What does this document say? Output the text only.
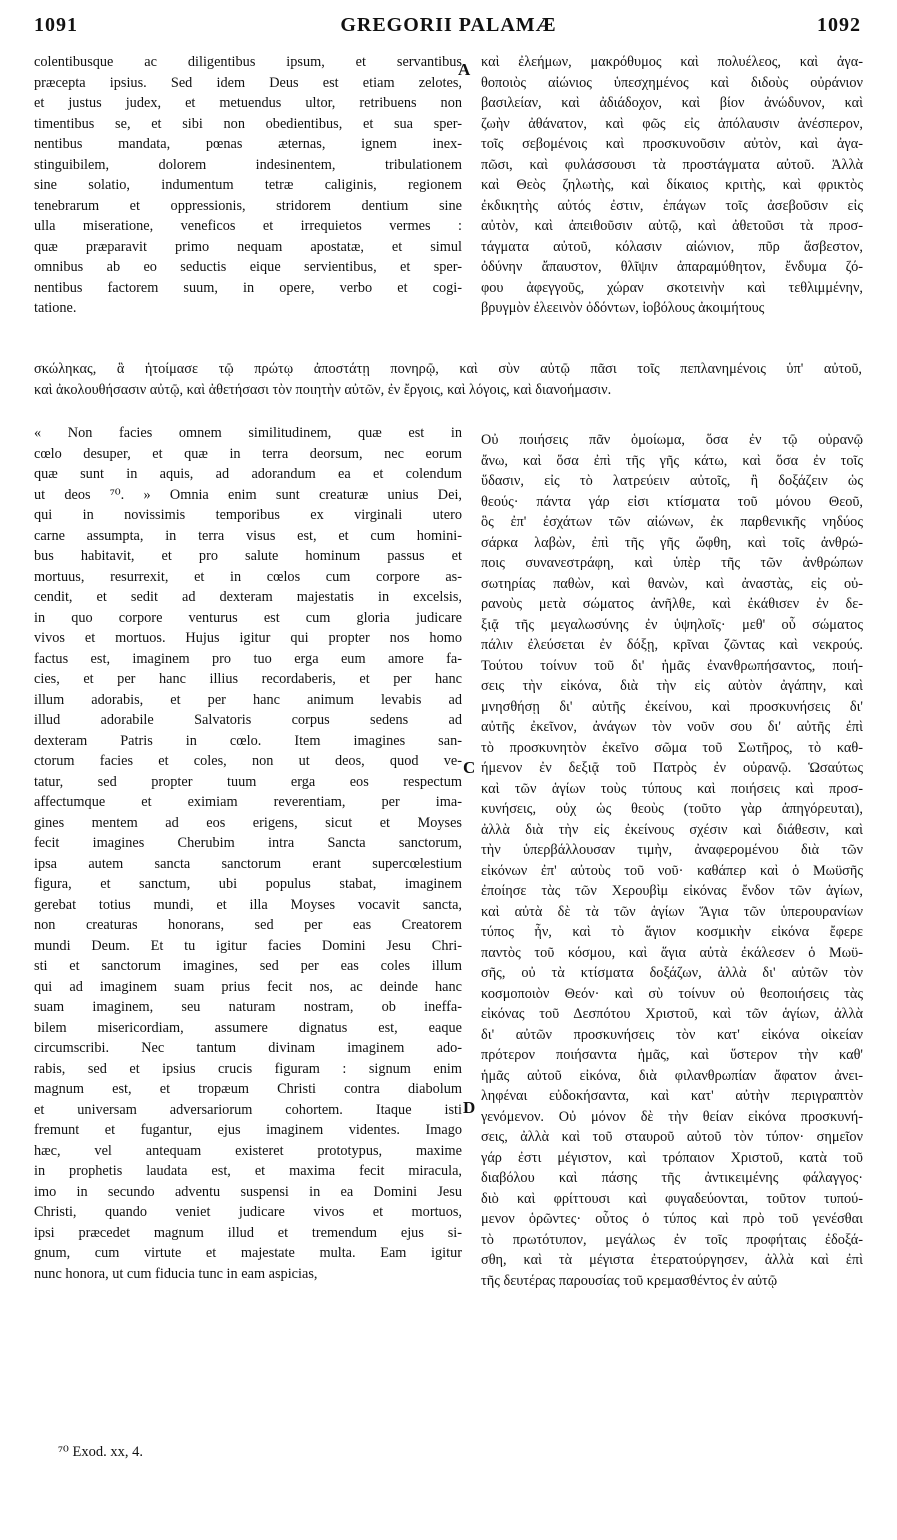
1091	GREGORII PALAMÆ	1092
A
C
D
colentibusque ac diligentibus ipsum, et servantibus
præcepta ipsius. Sed idem Deus est etiam zelotes,
et justus judex, et metuendus ultor, retribuens non
timentibus se, et sibi non obedientibus, et sua sper-
nentibus mandata, pœnas æternas, ignem inex-
stinguibilem, dolorem indesinentem, tribulationem
sine solatio, indumentum tetræ caliginis, regionem
tenebrarum et oppressionis, stridorem dentium sine
ulla miseratione, veneficos et irrequietos vermes :
quæ præparavit primo nequam apostatæ, et simul
omnibus ab eo seductis eique servientibus, et sper-
nentibus factorem suum, in opere, verbo et cogi-
tatione.
καὶ ἐλεήμων, μακρόθυμος καὶ πολυέλεος, καὶ ἀγα-
θοποιὸς αἰώνιος ὑπεσχημένος καὶ διδοὺς οὐράνιον
βασιλείαν, καὶ ἀδιάδοχον, καὶ βίον ἀνώδυνον, καὶ
ζωὴν ἀθάνατον, καὶ φῶς εἰς ἀπόλαυσιν ἀνέσπερον,
τοῖς σεβομένοις καὶ προσκυνοῦσιν αὐτὸν, καὶ ἀγα-
πῶσι, καὶ φυλάσσουσι τὰ προστάγματα αὐτοῦ. Ἀλλὰ
καὶ Θεὸς ζηλωτὴς, καὶ δίκαιος κριτὴς, καὶ φρικτὸς
ἐκδικητὴς αὐτός ἐστιν, ἐπάγων τοῖς ἀσεβοῦσιν εἰς
αὐτὸν, καὶ ἀπειθοῦσιν αὐτῷ, καὶ ἀθετοῦσι τὰ προσ-
τάγματα αὐτοῦ, κόλασιν αἰώνιον, πῦρ ἄσβεστον,
ὀδύνην ἄπαυστον, θλῖψιν ἀπαραμύθητον, ἔνδυμα ζό-
φου ἀφεγγοῦς, χώραν σκοτεινὴν καὶ τεθλιμμένην,
βρυγμὸν ἐλεεινὸν ὀδόντων, ἰοβόλους ἀκοιμήτους
σκώληκας, ἃ ἡτοίμασε τῷ πρώτῳ ἀποστάτῃ πονηρῷ, καὶ σὺν αὐτῷ πᾶσι τοῖς πεπλανημένοις ὑπ' αὐτοῦ,
καὶ ἀκολουθήσασιν αὐτῷ, καὶ ἀθετήσασι τὸν ποιητὴν αὐτῶν, ἐν ἔργοις, καὶ λόγοις, καὶ διανοήμασιν.
« Non facies omnem similitudinem, quæ est in
cœlo desuper, et quæ in terra deorsum, nec eorum
quæ sunt in aquis, ad adorandum ea et colendum
ut deos ⁷⁰. » Omnia enim sunt creaturæ unius Dei,
qui in novissimis temporibus ex virginali utero
carne assumpta, in terra visus est, et cum homini-
bus habitavit, et pro salute hominum passus et
mortuus, resurrexit, et in cœlos cum corpore as-
cendit, et sedit ad dexteram majestatis in excelsis,
in quo corpore venturus est cum gloria judicare
vivos et mortuos. Hujus igitur qui propter nos homo
factus est, imaginem pro tuo erga eum amore fa-
cies, et per hanc illius recordaberis, et per hanc
illum adorabis, et per hanc animum levabis ad
illud adorabile Salvatoris corpus sedens ad
dexteram Patris in cœlo. Item imagines san-
ctorum facies et coles, non ut deos, quod ve-
tatur, sed propter tuum erga eos respectum
affectumque et eximiam reverentiam, per ima-
gines mentem ad eos erigens, sicut et Moyses
fecit imagines Cherubim intra Sancta sanctorum,
ipsa autem sancta sanctorum erant supercœlestium
figura, et sanctum, ubi populus stabat, imaginem
gerebat totius mundi, et illa Moyses vocavit sancta,
non creaturas honorans, sed per eas Creatorem
mundi Deum. Et tu igitur facies Domini Jesu Chri-
sti et sanctorum imagines, sed per eas coles illum
qui ad imaginem suam prius fecit nos, ac deinde hanc
suam imaginem, seu naturam nostram, ob ineffa-
bilem misericordiam, assumere dignatus est, eaque
circumscribi. Nec tantum divinam imaginem ado-
rabis, sed et ipsius crucis figuram : signum enim
magnum est, et tropæum Christi contra diabolum
et universam adversariorum cohortem. Itaque isti
fremunt et fugantur, ejus imaginem videntes. Imago
hæc, vel antequam existeret prototypus, maxime
in prophetis laudata est, et maxima fecit miracula,
imo in secundo adventu suspensi in ea Domini Jesu
Christi, quando veniet judicare vivos et mortuos,
ipsi præcedet magnum illud et tremendum ejus si-
gnum, cum virtute et majestate multa. Eam igitur
nunc honora, ut cum fiducia tunc in eam aspicias,
Οὐ ποιήσεις πᾶν ὁμοίωμα, ὅσα ἐν τῷ οὐρανῷ
ἄνω, καὶ ὅσα ἐπὶ τῆς γῆς κάτω, καὶ ὅσα ἐν τοῖς
ὕδασιν, εἰς τὸ λατρεύειν αὐτοῖς, ἢ δοξάζειν ὡς
θεούς· πάντα γάρ εἰσι κτίσματα τοῦ μόνου Θεοῦ,
ὃς ἐπ' ἐσχάτων τῶν αἰώνων, ἐκ παρθενικῆς νηδύος
σάρκα λαβὼν, ἐπὶ τῆς γῆς ὤφθη, καὶ τοῖς ἀνθρώ-
ποις συνανεστράφη, καὶ ὑπὲρ τῆς τῶν ἀνθρώπων
σωτηρίας παθὼν, καὶ θανὼν, καὶ ἀναστὰς, εἰς οὐ-
ρανοὺς μετὰ σώματος ἀνῆλθε, καὶ ἐκάθισεν ἐν δε-
ξιᾷ τῆς μεγαλωσύνης ἐν ὑψηλοῖς· μεθ' οὗ σώματος
πάλιν ἐλεύσεται ἐν δόξῃ, κρῖναι ζῶντας καὶ νεκρούς.
Τούτου τοίνυν τοῦ δι' ἡμᾶς ἐνανθρωπήσαντος, ποιή-
σεις τὴν εἰκόνα, διὰ τὴν εἰς αὐτὸν ἀγάπην, καὶ
μνησθήσῃ δι' αὐτῆς ἐκείνου, καὶ προσκυνήσεις δι'
αὐτῆς ἐκεῖνον, ἀνάγων τὸν νοῦν σου δι' αὐτῆς ἐπὶ
τὸ προσκυνητὸν ἐκεῖνο σῶμα τοῦ Σωτῆρος, τὸ καθ-
ήμενον ἐν δεξιᾷ τοῦ Πατρὸς ἐν οὐρανῷ. Ὡσαύτως
καὶ τῶν ἁγίων τοὺς τύπους καὶ ποιήσεις καὶ προσ-
κυνήσεις, οὐχ ὡς θεοὺς (τοῦτο γὰρ ἀπηγόρευται),
ἀλλὰ διὰ τὴν εἰς ἐκείνους σχέσιν καὶ διάθεσιν, καὶ
τὴν ὑπερβάλλουσαν τιμὴν, ἀναφερομένου διὰ τῶν
εἰκόνων ἐπ' αὐτοὺς τοῦ νοῦ· καθάπερ καὶ ὁ Μωϋσῆς
ἐποίησε τὰς τῶν Χερουβὶμ εἰκόνας ἔνδον τῶν ἁγίων,
καὶ αὐτὰ δὲ τὰ τῶν ἁγίων Ἅγια τῶν ὑπερουρανίων
τύπος ἦν, καὶ τὸ ἅγιον κοσμικὴν εἰκόνα ἔφερε
παντὸς τοῦ κόσμου, καὶ ἅγια αὐτὰ ἐκάλεσεν ὁ Μωϋ-
σῆς, οὐ τὰ κτίσματα δοξάζων, ἀλλὰ δι' αὐτῶν τὸν
κοσμοποιὸν Θεόν· καὶ σὺ τοίνυν οὐ θεοποιήσεις τὰς
εἰκόνας τοῦ Δεσπότου Χριστοῦ, καὶ τῶν ἁγίων, ἀλλὰ
δι' αὐτῶν προσκυνήσεις τὸν κατ' εἰκόνα οἰκείαν
πρότερον ποιήσαντα ἡμᾶς, καὶ ὕστερον τὴν καθ'
ἡμᾶς αὐτοῦ εἰκόνα, διὰ φιλανθρωπίαν ἄφατον ἀνει-
ληφέναι εὐδοκήσαντα, καὶ κατ' αὐτὴν περιγραπτὸν
γενόμενον. Οὐ μόνον δὲ τὴν θείαν εἰκόνα προσκυνή-
σεις, ἀλλὰ καὶ τοῦ σταυροῦ αὐτοῦ τὸν τύπον· σημεῖον
γάρ ἐστι μέγιστον, καὶ τρόπαιον Χριστοῦ, κατὰ τοῦ
διαβόλου καὶ πάσης τῆς ἀντικειμένης φάλαγγος·
διὸ καὶ φρίττουσι καὶ φυγαδεύονται, τοῦτον τυπού-
μενον ὁρῶντες· οὗτος ὁ τύπος καὶ πρὸ τοῦ γενέσθαι
τὸ πρωτότυπον, μεγάλως ἐν τοῖς προφήταις ἐδοξά-
σθη, καὶ τὰ μέγιστα ἐτερατούργησεν, ἀλλὰ καὶ ἐπὶ
τῆς δευτέρας παρουσίας τοῦ κρεμασθέντος ἐν αὐτῷ
⁷⁰ Exod. xx, 4.
